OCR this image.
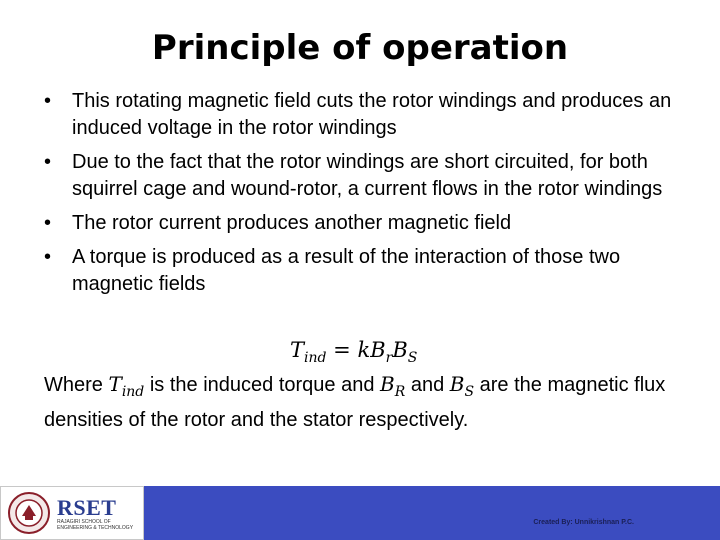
Principle of operation
• This rotating magnetic field cuts the rotor windings and produces an induced voltage in the rotor windings
• Due to the fact that the rotor windings are short circuited, for both squirrel cage and wound-rotor, a current flows in the rotor windings
• The rotor current produces another magnetic field
• A torque is produced as a result of the interaction of those two magnetic fields
$T_{ind} = kB_rB_S$
Where $T_{ind}$ is the induced torque and $B_R$ and $B_S$ are the magnetic flux densities of the rotor and the stator respectively.
RSET
RAJAGIRI SCHOOL OF ENGINEERING & TECHNOLOGY
Created By: Unnikrishnan P.C.
